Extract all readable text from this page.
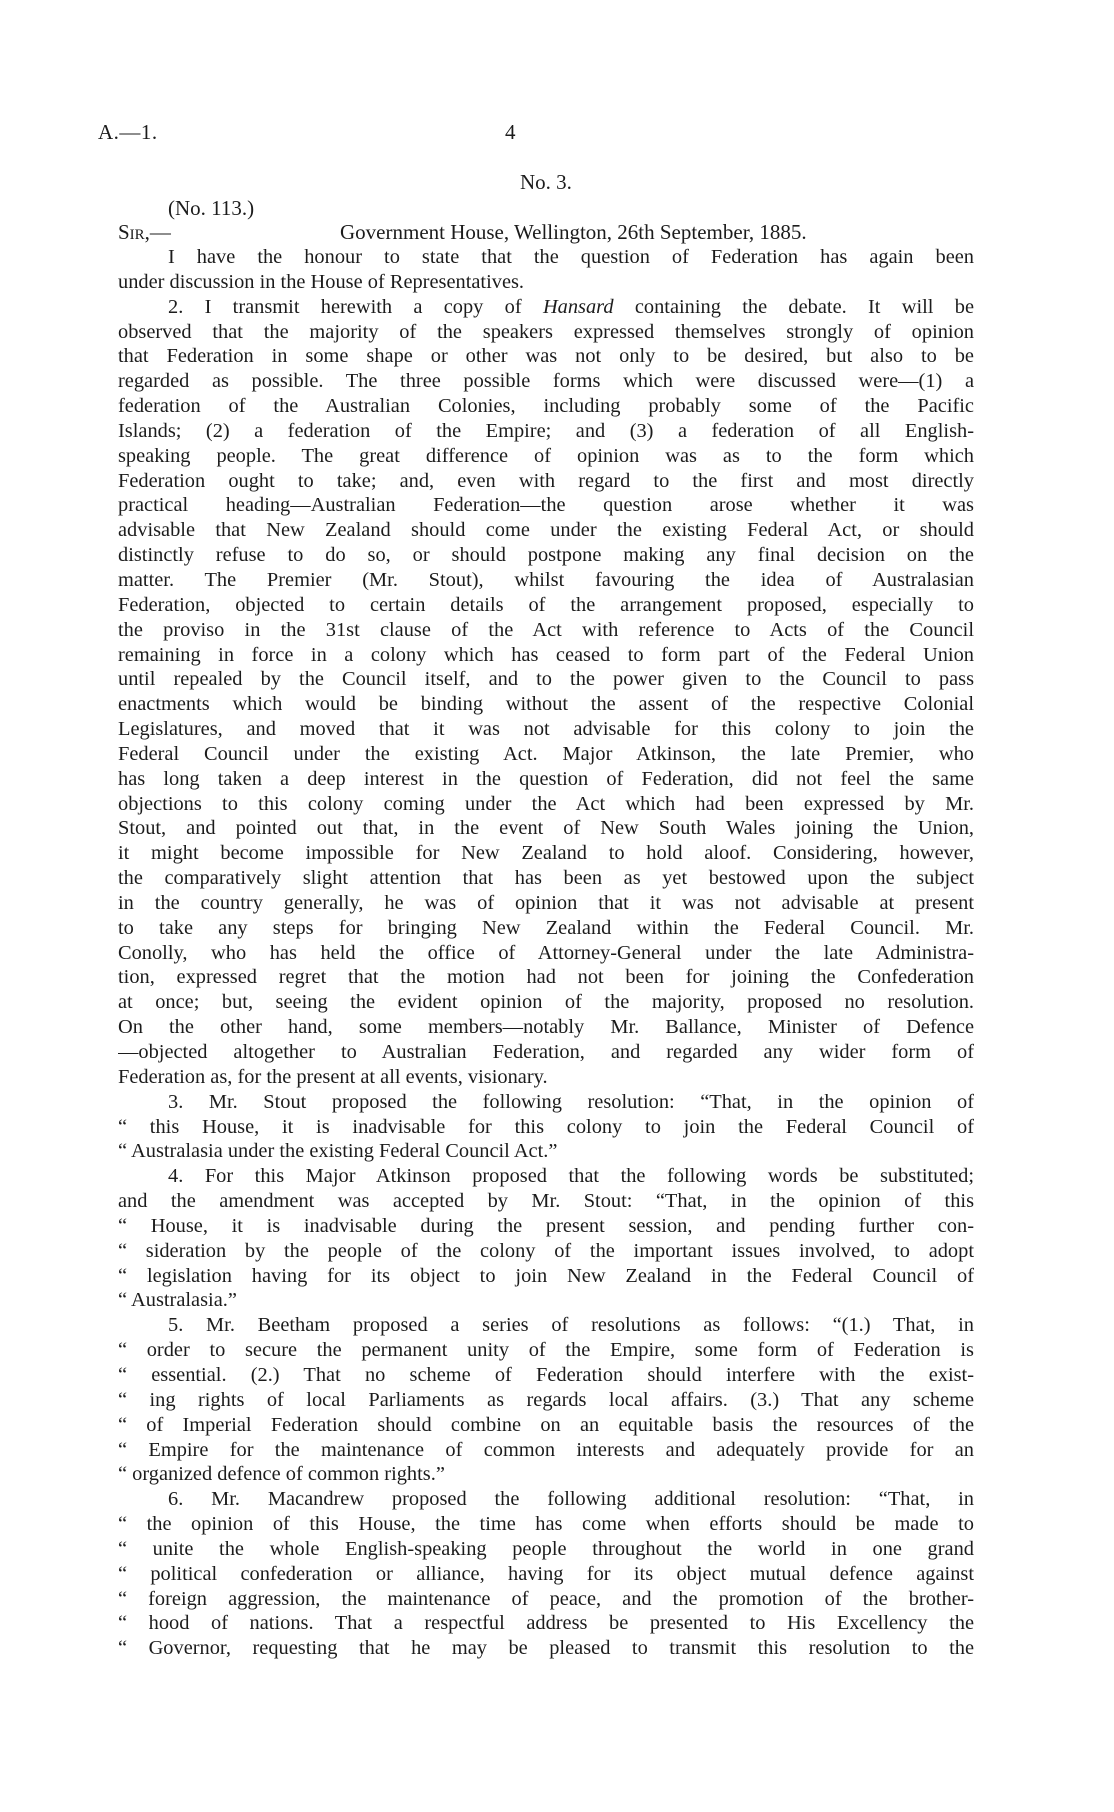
A.—1.	4
No. 3.
(No. 113.)
Sir,—	Government House, Wellington, 26th September, 1885.
I have the honour to state that the question of Federation has again been
under discussion in the House of Representatives.
2. I transmit herewith a copy of Hansard containing the debate. It will be
observed that the majority of the speakers expressed themselves strongly of opinion
that Federation in some shape or other was not only to be desired, but also to be
regarded as possible. The three possible forms which were discussed were—(1) a
federation of the Australian Colonies, including probably some of the Pacific
Islands; (2) a federation of the Empire; and (3) a federation of all English-
speaking people. The great difference of opinion was as to the form which
Federation ought to take; and, even with regard to the first and most directly
practical heading—Australian Federation—the question arose whether it was
advisable that New Zealand should come under the existing Federal Act, or should
distinctly refuse to do so, or should postpone making any final decision on the
matter. The Premier (Mr. Stout), whilst favouring the idea of Australasian
Federation, objected to certain details of the arrangement proposed, especially to
the proviso in the 31st clause of the Act with reference to Acts of the Council
remaining in force in a colony which has ceased to form part of the Federal Union
until repealed by the Council itself, and to the power given to the Council to pass
enactments which would be binding without the assent of the respective Colonial
Legislatures, and moved that it was not advisable for this colony to join the
Federal Council under the existing Act. Major Atkinson, the late Premier, who
has long taken a deep interest in the question of Federation, did not feel the same
objections to this colony coming under the Act which had been expressed by Mr.
Stout, and pointed out that, in the event of New South Wales joining the Union,
it might become impossible for New Zealand to hold aloof. Considering, however,
the comparatively slight attention that has been as yet bestowed upon the subject
in the country generally, he was of opinion that it was not advisable at present
to take any steps for bringing New Zealand within the Federal Council. Mr.
Conolly, who has held the office of Attorney-General under the late Administra-
tion, expressed regret that the motion had not been for joining the Confederation
at once; but, seeing the evident opinion of the majority, proposed no resolution.
On the other hand, some members—notably Mr. Ballance, Minister of Defence
—objected altogether to Australian Federation, and regarded any wider form of
Federation as, for the present at all events, visionary.
3. Mr. Stout proposed the following resolution: “That, in the opinion of
“ this House, it is inadvisable for this colony to join the Federal Council of
“ Australasia under the existing Federal Council Act.”
4. For this Major Atkinson proposed that the following words be substituted;
and the amendment was accepted by Mr. Stout: “That, in the opinion of this
“ House, it is inadvisable during the present session, and pending further con-
“ sideration by the people of the colony of the important issues involved, to adopt
“ legislation having for its object to join New Zealand in the Federal Council of
“ Australasia.”
5. Mr. Beetham proposed a series of resolutions as follows: “(1.) That, in
“ order to secure the permanent unity of the Empire, some form of Federation is
“ essential. (2.) That no scheme of Federation should interfere with the exist-
“ ing rights of local Parliaments as regards local affairs. (3.) That any scheme
“ of Imperial Federation should combine on an equitable basis the resources of the
“ Empire for the maintenance of common interests and adequately provide for an
“ organized defence of common rights.”
6. Mr. Macandrew proposed the following additional resolution: “That, in
“ the opinion of this House, the time has come when efforts should be made to
“ unite the whole English-speaking people throughout the world in one grand
“ political confederation or alliance, having for its object mutual defence against
“ foreign aggression, the maintenance of peace, and the promotion of the brother-
“ hood of nations. That a respectful address be presented to His Excellency the
“ Governor, requesting that he may be pleased to transmit this resolution to the
